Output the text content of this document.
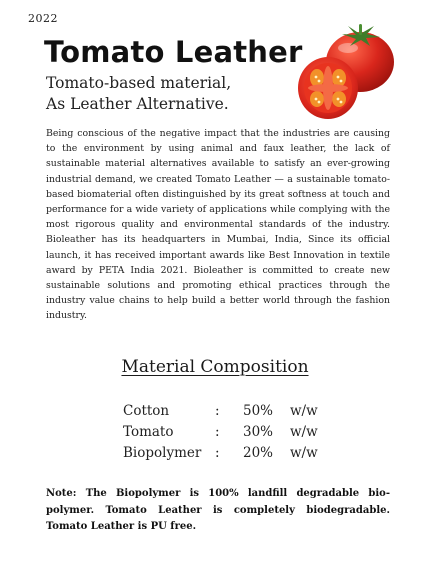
2022
Tomato Leather
Tomato-based material,
As Leather Alternative.

Being conscious of the negative impact that the industries are causing to the environment by using animal and faux leather, the lack of sustainable material alternatives available to satisfy an ever-growing industrial demand, we created Tomato Leather — a sustainable tomato-based biomaterial often distinguished by its great softness at touch and performance for a wide variety of applications while complying with the most rigorous quality and environmental standards of the industry. Bioleather has its headquarters in Mumbai, India, Since its official launch, it has received important awards like Best Innovation in textile award by PETA India 2021. Bioleather is committed to create new sustainable solutions and promoting ethical practices through the industry value chains to help build a better world through the fashion industry.

Material Composition
Cotton	:	50%	w/w
Tomato	:	30%	w/w
Biopolymer	:	20%	w/w

Note: The Biopolymer is 100% landfill degradable bio-polymer. Tomato Leather is completely biodegradable. Tomato Leather is PU free.
